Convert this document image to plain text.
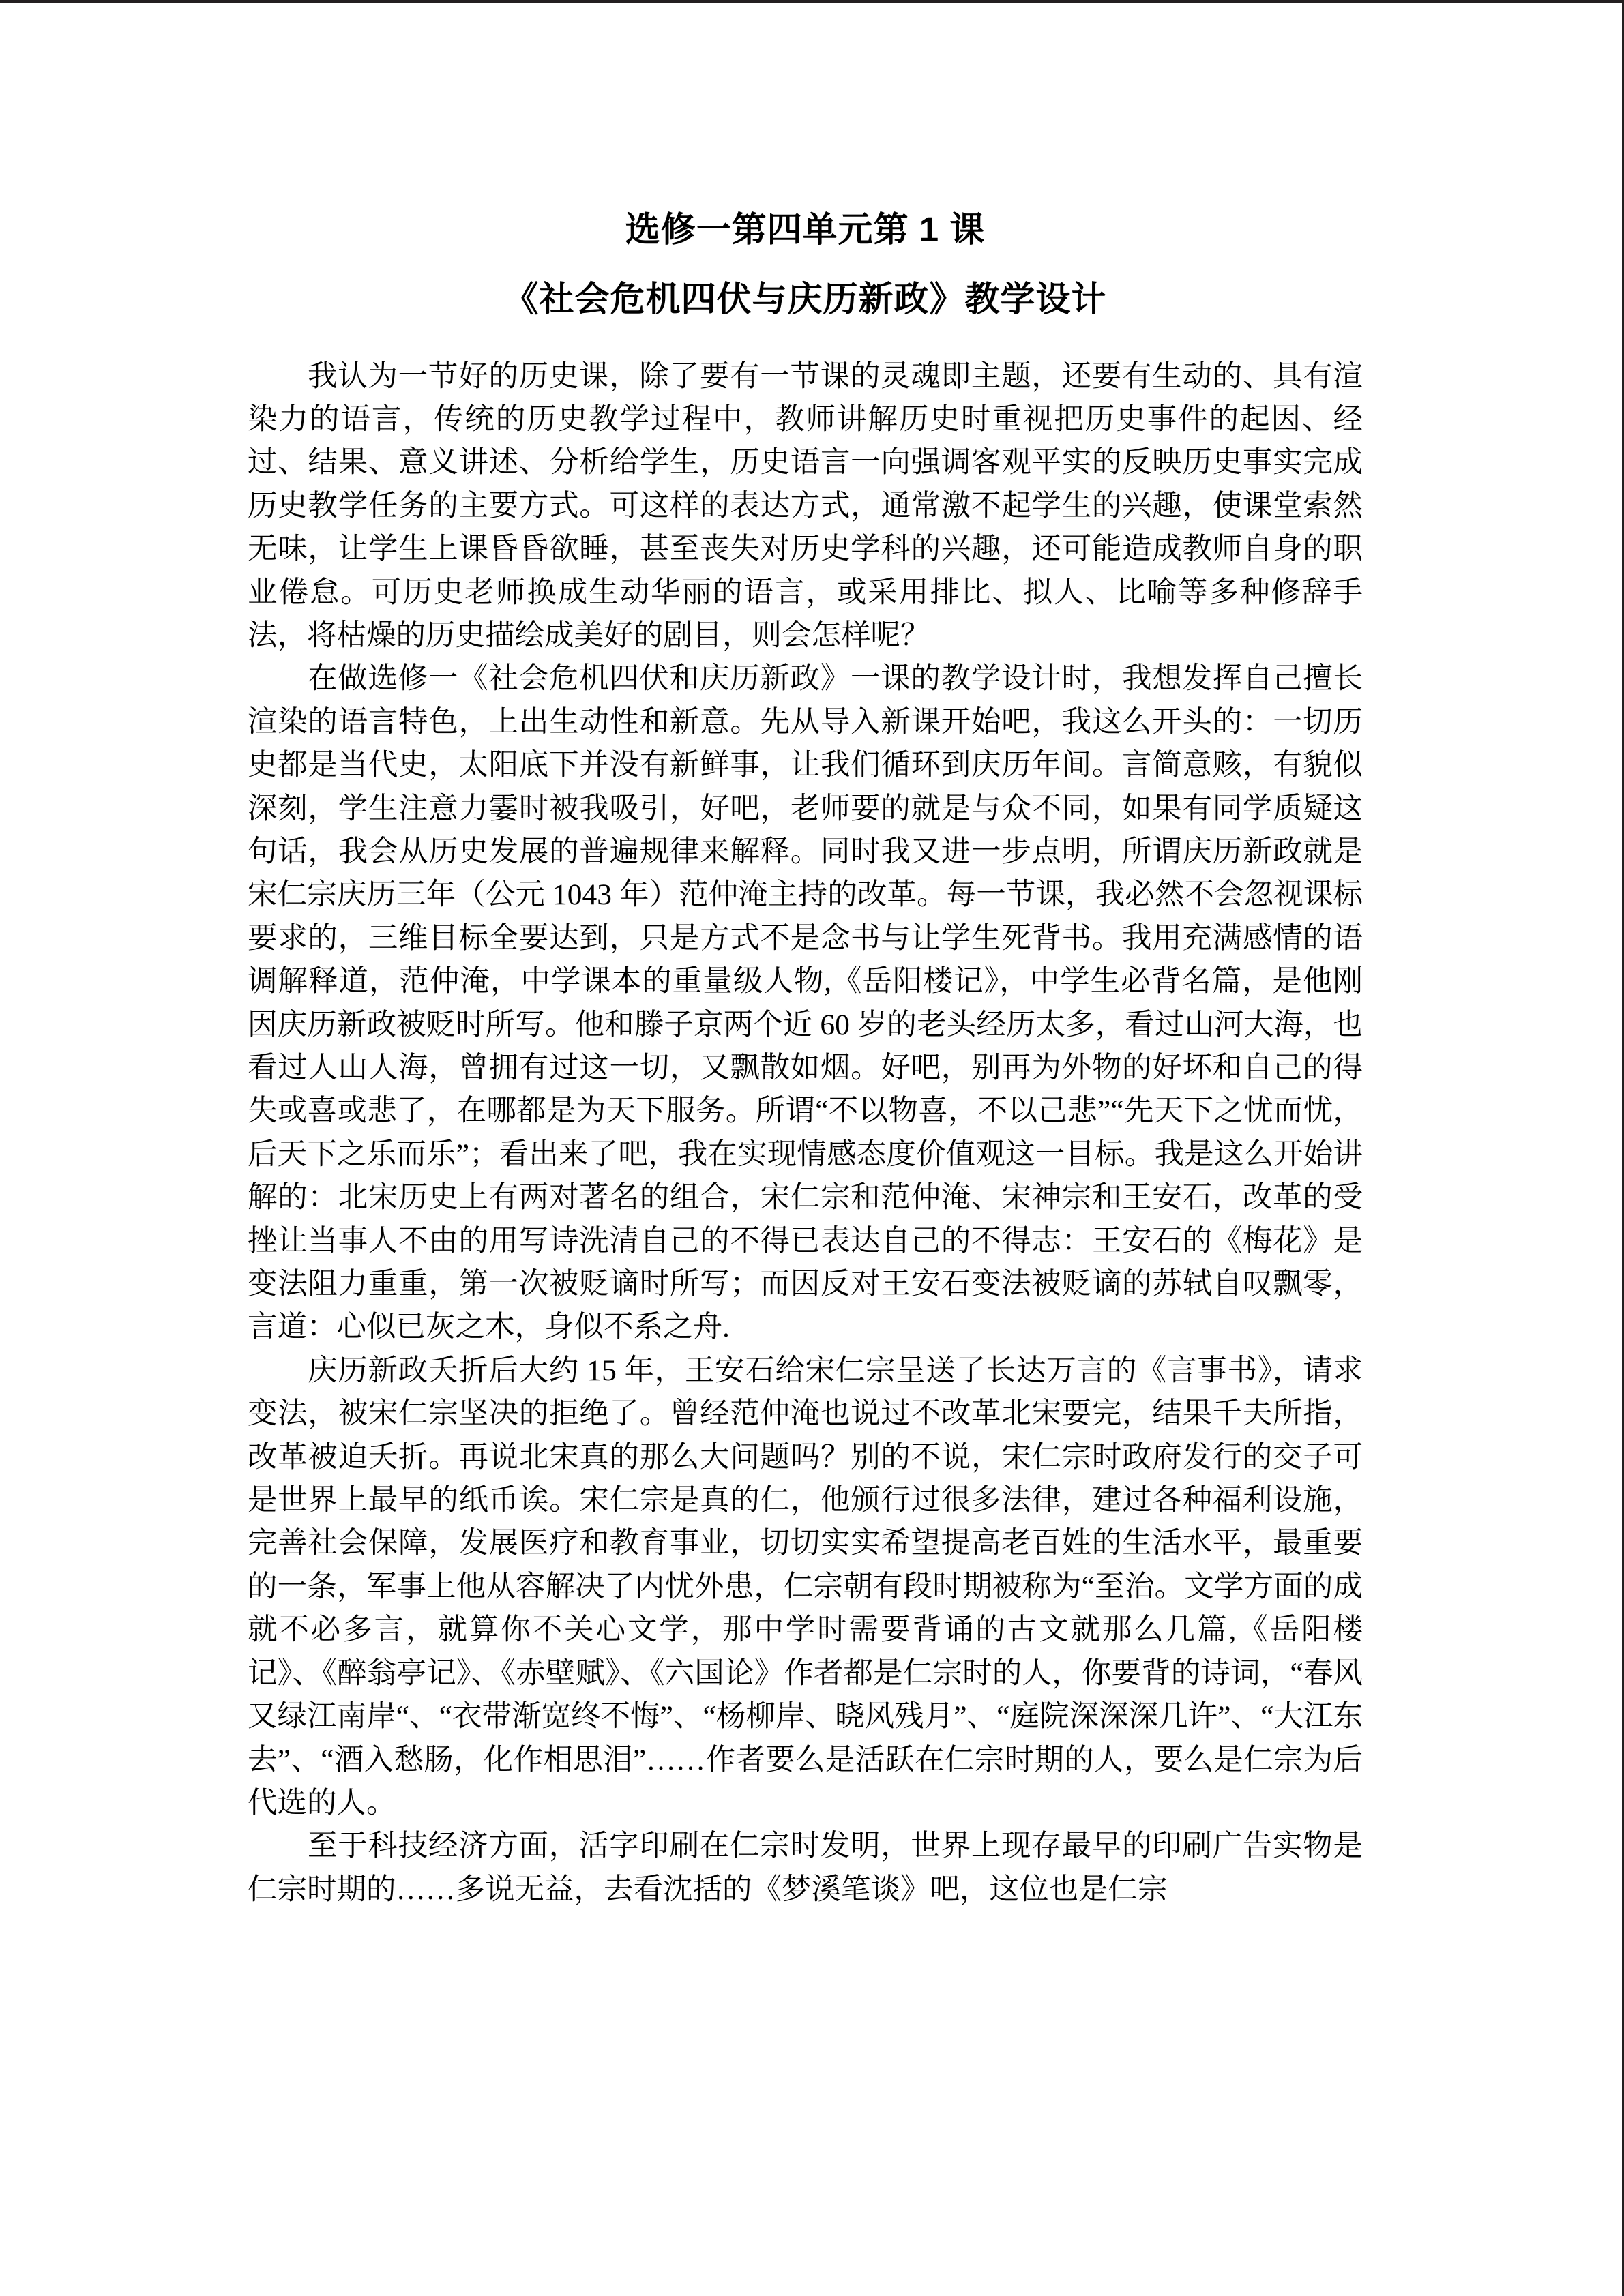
选修一第四单元第 1 课
《社会危机四伏与庆历新政》教学设计

我认为一节好的历史课，除了要有一节课的灵魂即主题，还要有生动的、具有渲染力的语言，传统的历史教学过程中，教师讲解历史时重视把历史事件的起因、经过、结果、意义讲述、分析给学生，历史语言一向强调客观平实的反映历史事实完成历史教学任务的主要方式。可这样的表达方式，通常激不起学生的兴趣，使课堂索然无味，让学生上课昏昏欲睡，甚至丧失对历史学科的兴趣，还可能造成教师自身的职业倦怠。可历史老师换成生动华丽的语言，或采用排比、拟人、比喻等多种修辞手法，将枯燥的历史描绘成美好的剧目，则会怎样呢？

在做选修一《社会危机四伏和庆历新政》一课的教学设计时，我想发挥自己擅长渲染的语言特色，上出生动性和新意。先从导入新课开始吧，我这么开头的：一切历史都是当代史，太阳底下并没有新鲜事，让我们循环到庆历年间。言简意赅，有貌似深刻，学生注意力霎时被我吸引，好吧，老师要的就是与众不同，如果有同学质疑这句话，我会从历史发展的普遍规律来解释。同时我又进一步点明，所谓庆历新政就是宋仁宗庆历三年（公元 1043 年）范仲淹主持的改革。每一节课，我必然不会忽视课标要求的，三维目标全要达到，只是方式不是念书与让学生死背书。我用充满感情的语调解释道，范仲淹，中学课本的重量级人物,《岳阳楼记》，中学生必背名篇，是他刚因庆历新政被贬时所写。他和滕子京两个近 60 岁的老头经历太多，看过山河大海，也看过人山人海，曾拥有过这一切，又飘散如烟。好吧，别再为外物的好坏和自己的得失或喜或悲了，在哪都是为天下服务。所谓“不以物喜，不以己悲”“先天下之忧而忧，后天下之乐而乐”；看出来了吧，我在实现情感态度价值观这一目标。我是这么开始讲解的：北宋历史上有两对著名的组合，宋仁宗和范仲淹、宋神宗和王安石，改革的受挫让当事人不由的用写诗洗清自己的不得已表达自己的不得志：王安石的《梅花》是变法阻力重重，第一次被贬谪时所写；而因反对王安石变法被贬谪的苏轼自叹飘零，言道：心似已灰之木，身似不系之舟.

庆历新政夭折后大约 15 年，王安石给宋仁宗呈送了长达万言的《言事书》，请求变法，被宋仁宗坚决的拒绝了。曾经范仲淹也说过不改革北宋要完，结果千夫所指，改革被迫夭折。再说北宋真的那么大问题吗？别的不说，宋仁宗时政府发行的交子可是世界上最早的纸币诶。宋仁宗是真的仁，他颁行过很多法律，建过各种福利设施，完善社会保障，发展医疗和教育事业，切切实实希望提高老百姓的生活水平，最重要的一条，军事上他从容解决了内忧外患，仁宗朝有段时期被称为“至治。文学方面的成就不必多言，就算你不关心文学，那中学时需要背诵的古文就那么几篇,《岳阳楼记》、《醉翁亭记》、《赤壁赋》、《六国论》作者都是仁宗时的人，你要背的诗词，“春风又绿江南岸“、“衣带渐宽终不悔”、“杨柳岸、晓风残月”、“庭院深深深几许”、“大江东去”、“酒入愁肠，化作相思泪”……作者要么是活跃在仁宗时期的人，要么是仁宗为后代选的人。

至于科技经济方面，活字印刷在仁宗时发明，世界上现存最早的印刷广告实物是仁宗时期的……多说无益，去看沈括的《梦溪笔谈》吧，这位也是仁宗
